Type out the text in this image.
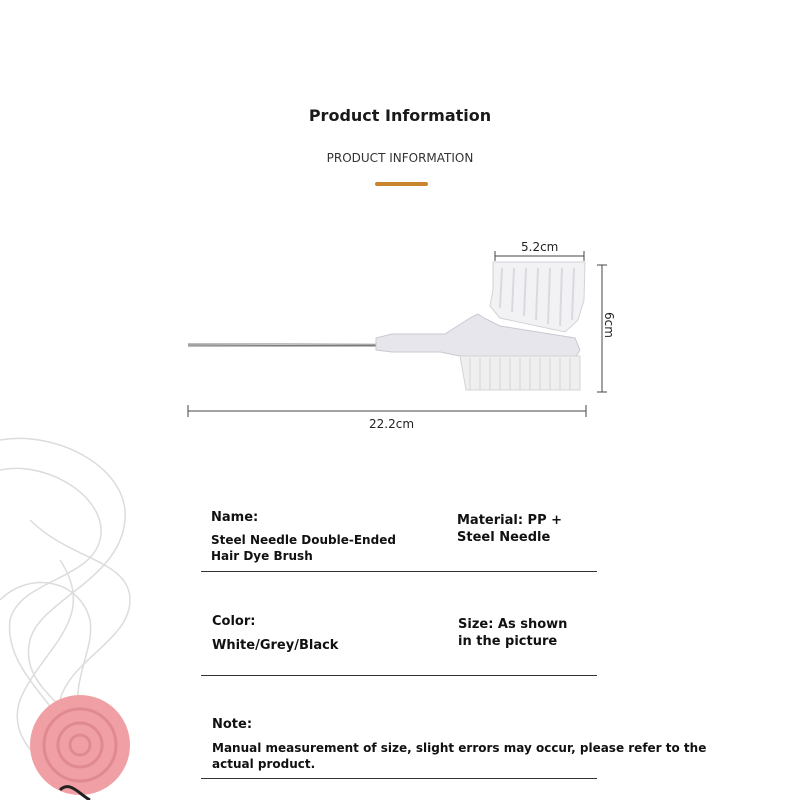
Product Information
PRODUCT INFORMATION
5.2cm
6cm
22.2cm
Name:
Steel Needle Double-Ended
Hair Dye Brush
Material: PP +
Steel Needle
Color:
White/Grey/Black
Size: As shown
in the picture
Note:
Manual measurement of size, slight errors may occur, please refer to the
actual product.
